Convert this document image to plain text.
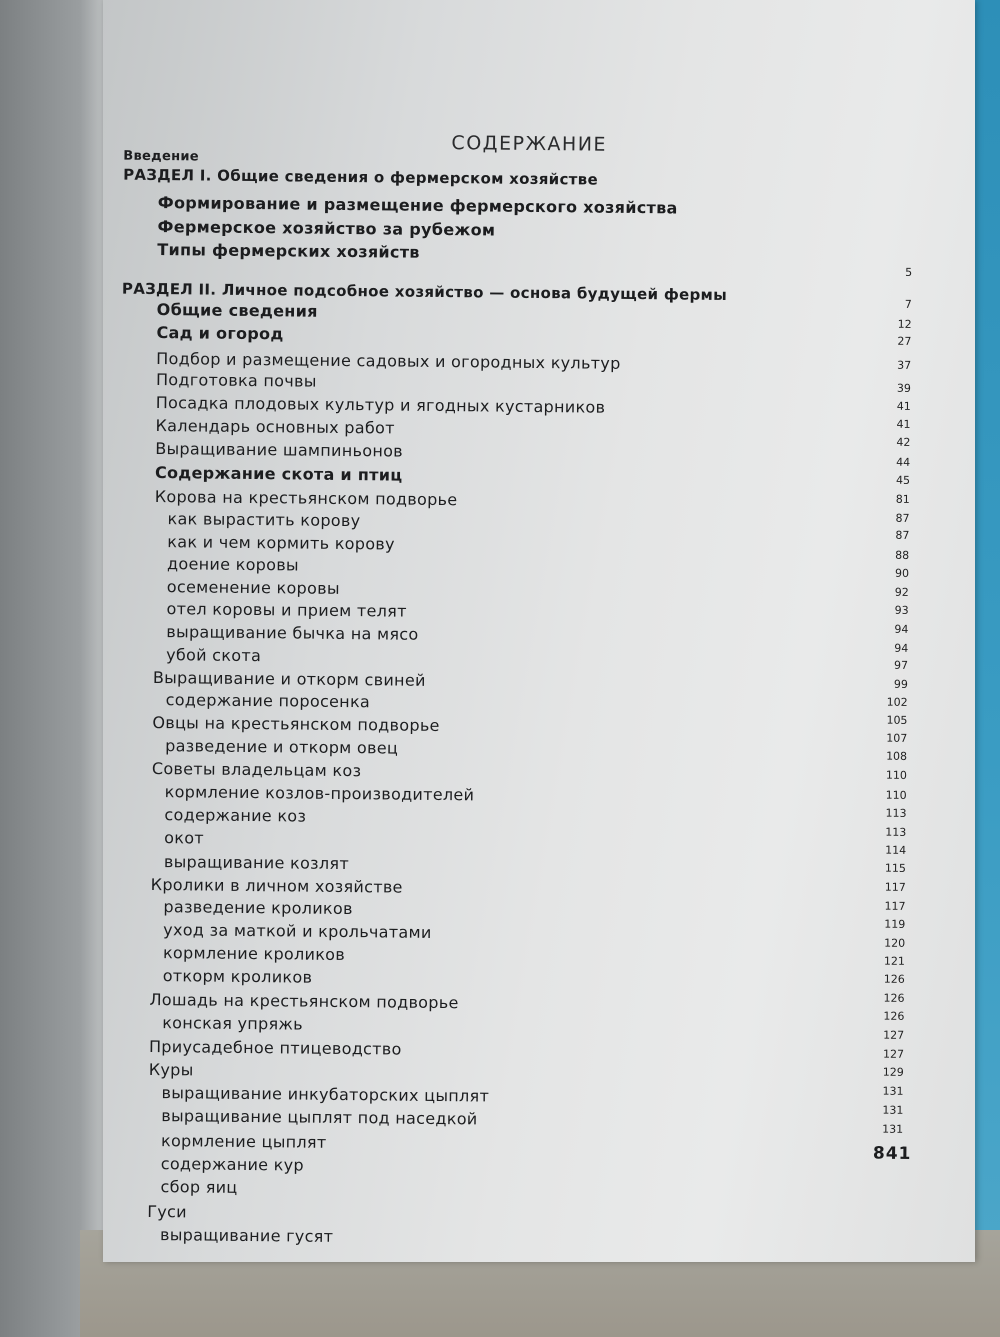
СОДЕРЖАНИЕ
Введение
РАЗДЕЛ I. Общие сведения о фермерском хозяйстве
Формирование и размещение фермерского хозяйства
Фермерское хозяйство за рубежом
Типы фермерских хозяйств
РАЗДЕЛ II. Личное подсобное хозяйство — основа будущей фермы
Общие сведения
Сад и огород
Подбор и размещение садовых и огородных культур
Подготовка почвы
Посадка плодовых культур и ягодных кустарников
Календарь основных работ
Выращивание шампиньонов
Содержание скота и птиц
Корова на крестьянском подворье
как вырастить корову
как и чем кормить корову
доение коровы
осеменение коровы
отел коровы и прием телят
выращивание бычка на мясо
убой скота
Выращивание и откорм свиней
содержание поросенка
Овцы на крестьянском подворье
разведение и откорм овец
Советы владельцам коз
кормление козлов-производителей
содержание коз
окот
выращивание козлят
Кролики в личном хозяйстве
разведение кроликов
уход за маткой и крольчатами
кормление кроликов
откорм кроликов
Лошадь на крестьянском подворье
конская упряжь
Приусадебное птицеводство
Куры
выращивание инкубаторских цыплят
выращивание цыплят под наседкой
кормление цыплят
содержание кур
сбор яиц
Гуси
выращивание гусят
5
7
12
27
37
39
41
41
42
44
45
81
87
87
88
90
92
93
94
94
97
99
102
105
107
108
110
110
113
113
114
115
117
117
119
120
121
126
126
126
127
127
129
131
131
131
841
